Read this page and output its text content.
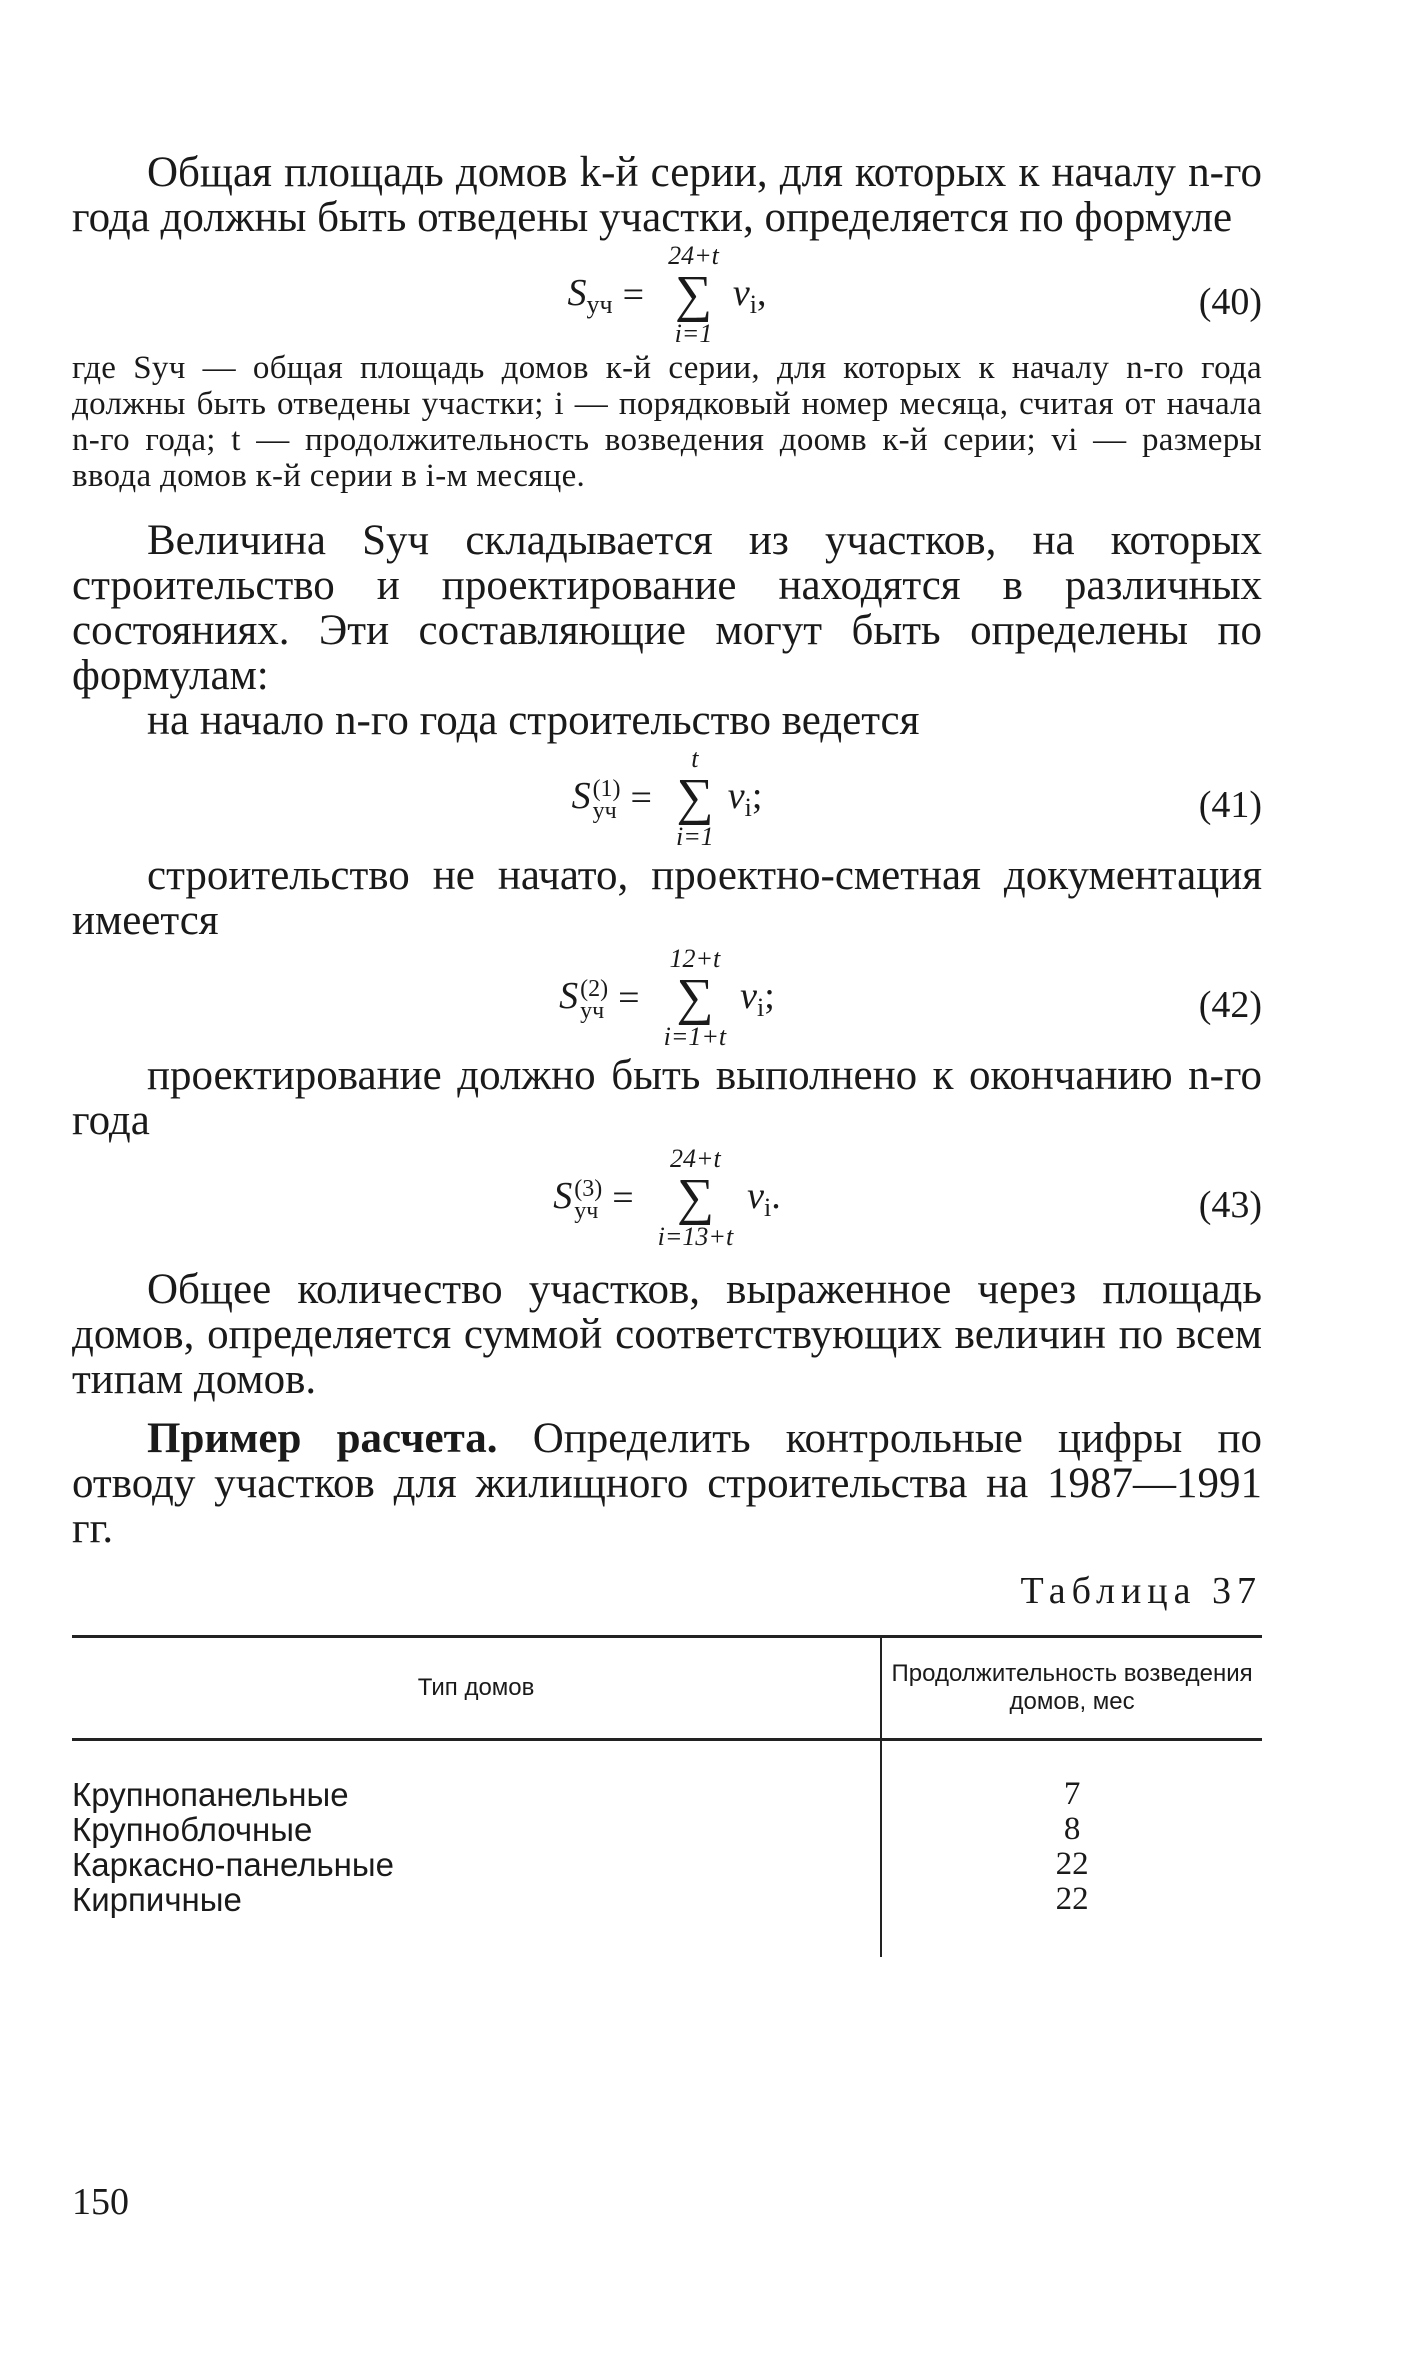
Общая площадь домов k-й серии, для которых к началу n-го года должны быть отведены участки, определяется по формуле

$S_{уч}$ =
24+t
∑
i=1
$v_i$,	(40)

где Sуч — общая площадь домов к-й серии, для которых к началу n-го года должны быть отведены участки; i — порядковый номер месяца, считая от начала n-го года; t — продолжительность возведения доомв к-й серии; vi — размеры ввода домов к-й серии в i-м месяце.

Величина Sуч складывается из участков, на которых строительство и проектирование находятся в различных состояниях. Эти составляющие могут быть определены по формулам:

на начало n-го года строительство ведется

S (1)
уч =
t
∑
i=1
$v_i$;	(41)

строительство не начато, проектно-сметная документация имеется

S (2)
уч =
12+t
∑
i=1+t
$v_i$;	(42)

проектирование должно быть выполнено к окончанию n-го года

S (3)
уч =
24+t
∑
i=13+t
$v_i$.	(43)

Общее количество участков, выраженное через площадь домов, определяется суммой соответствующих величин по всем типам домов.

Пример расчета. Определить контрольные цифры по отводу участков для жилищного строительства на 1987—1991 гг.

Таблица 37
Тип домов	Продолжительность возведения домов, мес
Крупнопанельные	7
Крупноблочные	8
Каркасно-панельные	22
Кирпичные	22
150
